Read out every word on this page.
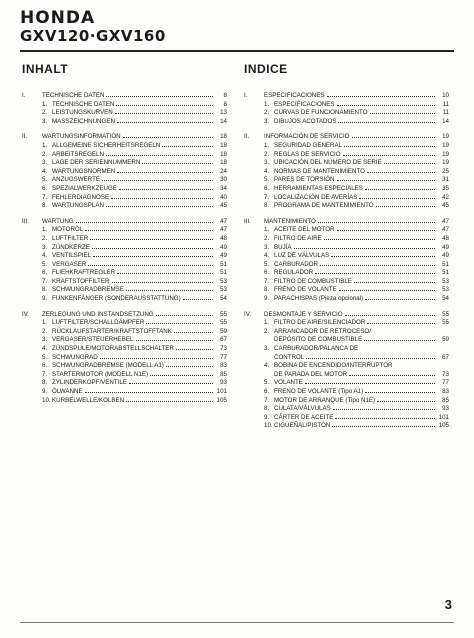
HONDA
GXV120·GXV160
INHALT
I.	TECHNISCHE DATEN	8
1. TECHNISCHE DATEN	8
2. LEISTUNGSKURVEN	13
3. MASSZEICHNUNGEN	14
II.	WARTUNGSINFORMATION	18
1. ALLGEMEINE SICHERHEITSREGELN	18
2. ARBEITSREGELN	18
3. LAGE DER SERIENNUMMERN	18
4. WARTUNGSNORMEN	24
5. ANZUGSWERTE	30
6. SPEZIALWERKZEUGE	34
7. FEHLERDIAGNOSE	40
8. WARTUNGSPLAN	45
III.	WARTUNG	47
1. MOTORÖL	47
2. LUFTFILTER	48
3. ZÜNDKERZE	49
4. VENTILSPIEL	49
5. VERGASER	51
6. FLIEHKRAFTREGLER	51
7. KRAFTSTOFFILTER	53
8. SCHWUNGRADBREMSE	53
9. FUNKENFÄNGER (SONDERAUSSTATTUNG)	54
IV.	ZERLEGUNG UND INSTANDSETZUNG	55
1. LUFTFILTER/SCHALLDÄMPFER	55
2. RÜCKLAUFSTARTER/KRAFTSTOFFTANK	59
3. VERGASER/STEUERHEBEL	67
4. ZÜNDSPULE/MOTORABSTELLSCHALTER	73
5. SCHWUNGRAD	77
6. SCHWUNGRADBREMSE (MODELL A1)	83
7. STARTERMOTOR (MODELL N1E)	85
8. ZYLINDERKOPF/VENTILE	93
9. ÖLWANNE	101
10. KURBELWELLE/KOLBEN	105
INDICE
I.	ESPECIFICACIONES	10
1. ESPECIFICACIONES	11
2. CURVAS DE FUNCIONAMIENTO	11
3. DIBUJOS ACOTADOS	14
II.	INFORMACIÓN DE SERVICIO	19
1. SEGURIDAD GENERAL	19
2. REGLAS DE SERVICIO	19
3. UBICACIÓN DEL NÚMERO DE SERIE	19
4. NORMAS DE MANTENIMIENTO	25
5. PARES DE TORSIÓN	31
6. HERRAMIENTAS ESPECIALES	35
7. LOCALIZACIÓN DE AVERÍAS	42
8. PROGRAMA DE MANTENIMIENTO	45
III.	MANTENIMIENTO	47
1. ACEITE DEL MOTOR	47
2. FILTRO DE AIRE	48
3. BUJÍA	49
4. LUZ DE VÁLVULAS	49
5. CARBURADOR	51
6. REGULADOR	51
7. FILTRO DE COMBUSTIBLE	53
8. FRENO DE VOLANTE	53
9. PARACHISPAS (Pieza opcional)	54
IV.	DESMONTAJE Y SERVICIO	55
1. FILTRO DE AIRE/SILENCIADOR	55
2. ARRANCADOR DE RETROCESO/
DEPÓSITO DE COMBUSTIBLE	59
3. CARBURADOR/PALANCA DE
CONTROL	67
4. BOBINA DE ENCENDIDO/INTERRUPTOR
DE PARADA DEL MOTOR	73
5. VOLANTE	77
6. FRENO DE VOLANTE (Tipo A1)	83
7. MOTOR DE ARRANQUE (Tipo N1E)	85
8. CULATA/VÁLVULAS	93
9. CÁRTER DE ACEITE	101
10. CIGÜEÑAL/PISTÓN	105
3
